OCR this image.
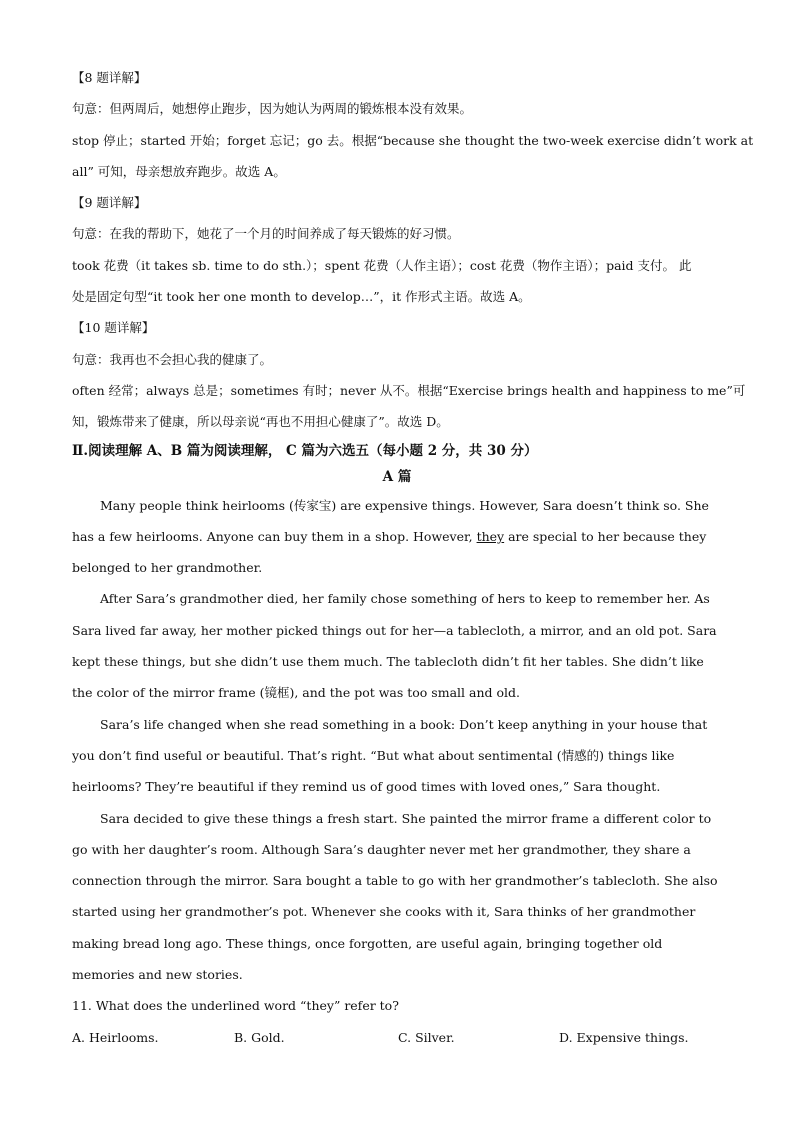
【8 题详解】
句意：但两周后，她想停止跑步，因为她认为两周的锻炼根本没有效果。
stop 停止；started 开始；forget 忘记；go 去。根据“because she thought the two-week exercise didn’t work at
all” 可知，母亲想放弃跑步。故选 A。
【9 题详解】
句意：在我的帮助下，她花了一个月的时间养成了每天锻炼的好习惯。
took 花费（it takes sb. time to do sth.）；spent 花费（人作主语）；cost 花费（物作主语）；paid 支付。 此
处是固定句型“it took her one month to develop…”，it 作形式主语。故选 A。
【10 题详解】
句意：我再也不会担心我的健康了。
often 经常；always 总是；sometimes 有时；never 从不。根据“Exercise brings health and happiness to me”可
知，锻炼带来了健康，所以母亲说“再也不用担心健康了”。故选 D。
Ⅱ.阅读理解 A、B 篇为阅读理解， C 篇为六选五（每小题 2 分，共 30 分）
A 篇
Many people think heirlooms (传家宝) are expensive things. However, Sara doesn’t think so. She has a few heirlooms. Anyone can buy them in a shop. However, they are special to her because they belonged to her grandmother.
After Sara’s grandmother died, her family chose something of hers to keep to remember her. As Sara lived far away, her mother picked things out for her—a tablecloth, a mirror, and an old pot. Sara kept these things, but she didn’t use them much. The tablecloth didn’t fit her tables. She didn’t like the color of the mirror frame (镜框), and the pot was too small and old.
Sara’s life changed when she read something in a book: Don’t keep anything in your house that you don’t find useful or beautiful. That’s right. “But what about sentimental (情感的) things like heirlooms? They’re beautiful if they remind us of good times with loved ones,” Sara thought.
Sara decided to give these things a fresh start. She painted the mirror frame a different color to go with her daughter’s room. Although Sara’s daughter never met her grandmother, they share a connection through the mirror. Sara bought a table to go with her grandmother’s tablecloth. She also started using her grandmother’s pot. Whenever she cooks with it, Sara thinks of her grandmother making bread long ago. These things, once forgotten, are useful again, bringing together old memories and new stories.
11. What does the underlined word “they” refer to?
A. Heirlooms.	B. Gold.	C. Silver.	D. Expensive things.
